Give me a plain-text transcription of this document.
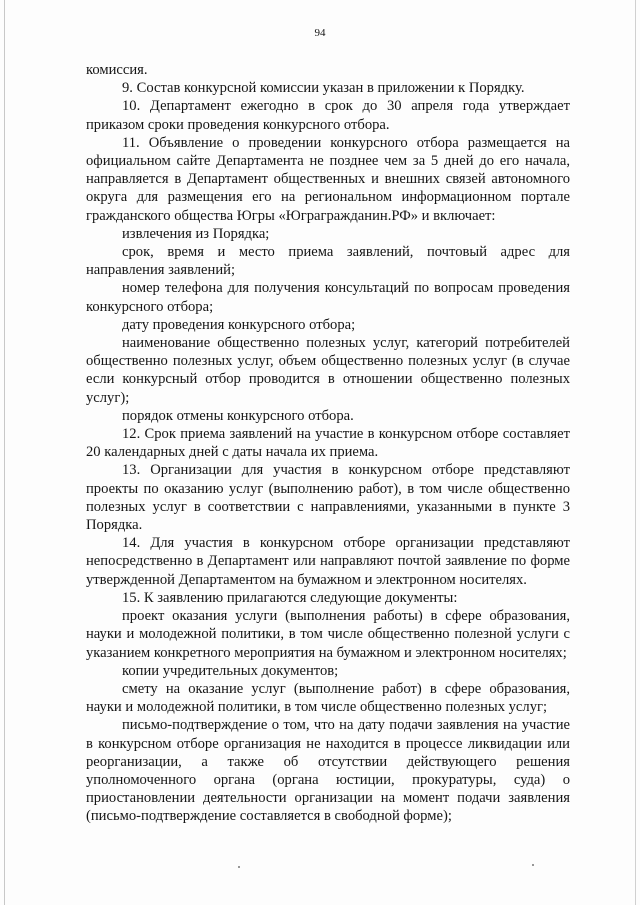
94

комиссия.

9. Состав конкурсной комиссии указан в приложении к Порядку.

10. Департамент ежегодно в срок до 30 апреля года утверждает приказом сроки проведения конкурсного отбора.

11. Объявление о проведении конкурсного отбора размещается на официальном сайте Департамента не позднее чем за 5 дней до его начала, направляется в Департамент общественных и внешних связей автономного округа для размещения его на региональном информационном портале гражданского общества Югры «Юграгражданин.РФ» и включает:

извлечения из Порядка;

срок, время и место приема заявлений, почтовый адрес для направления заявлений;

номер телефона для получения консультаций по вопросам проведения конкурсного отбора;

дату проведения конкурсного отбора;

наименование общественно полезных услуг, категорий потребителей общественно полезных услуг, объем общественно полезных услуг (в случае если конкурсный отбор проводится в отношении общественно полезных услуг);

порядок отмены конкурсного отбора.

12. Срок приема заявлений на участие в конкурсном отборе составляет 20 календарных дней с даты начала их приема.

13. Организации для участия в конкурсном отборе представляют проекты по оказанию услуг (выполнению работ), в том числе общественно полезных услуг в соответствии с направлениями, указанными в пункте 3 Порядка.

14. Для участия в конкурсном отборе организации представляют непосредственно в Департамент или направляют почтой заявление по форме утвержденной Департаментом на бумажном и электронном носителях.

15. К заявлению прилагаются следующие документы:

проект оказания услуги (выполнения работы) в сфере образования, науки и молодежной политики, в том числе общественно полезной услуги с указанием конкретного мероприятия на бумажном и электронном носителях;

копии учредительных документов;

смету на оказание услуг (выполнение работ) в сфере образования, науки и молодежной политики, в том числе общественно полезных услуг;

письмо-подтверждение о том, что на дату подачи заявления на участие в конкурсном отборе организация не находится в процессе ликвидации или реорганизации, а также об отсутствии действующего решения уполномоченного органа (органа юстиции, прокуратуры, суда) о приостановлении деятельности организации на момент подачи заявления (письмо-подтверждение составляется в свободной форме);
